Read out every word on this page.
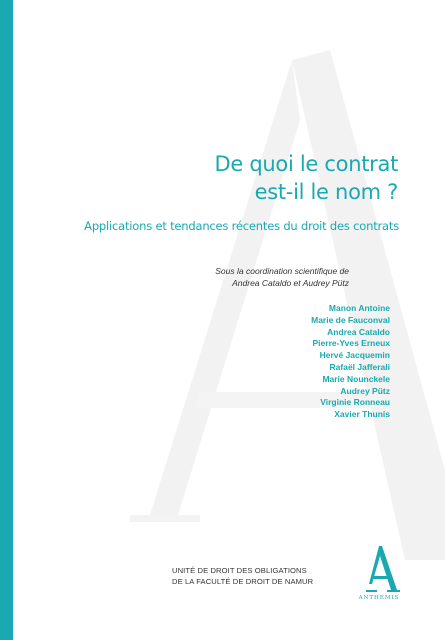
De quoi le contrat
est-il le nom ?
Applications et tendances récentes du droit des contrats
Sous la coordination scientifique de
Andrea Cataldo et Audrey Pütz
Manon Antoine
Marie de Fauconval
Andrea Cataldo
Pierre-Yves Erneux
Hervé Jacquemin
Rafaël Jafferali
Marie Nounckele
Audrey Pütz
Virginie Ronneau
Xavier Thunis
UNITÉ DE DROIT DES OBLIGATIONS
DE LA FACULTÉ DE DROIT DE NAMUR
ANTHEMIS
